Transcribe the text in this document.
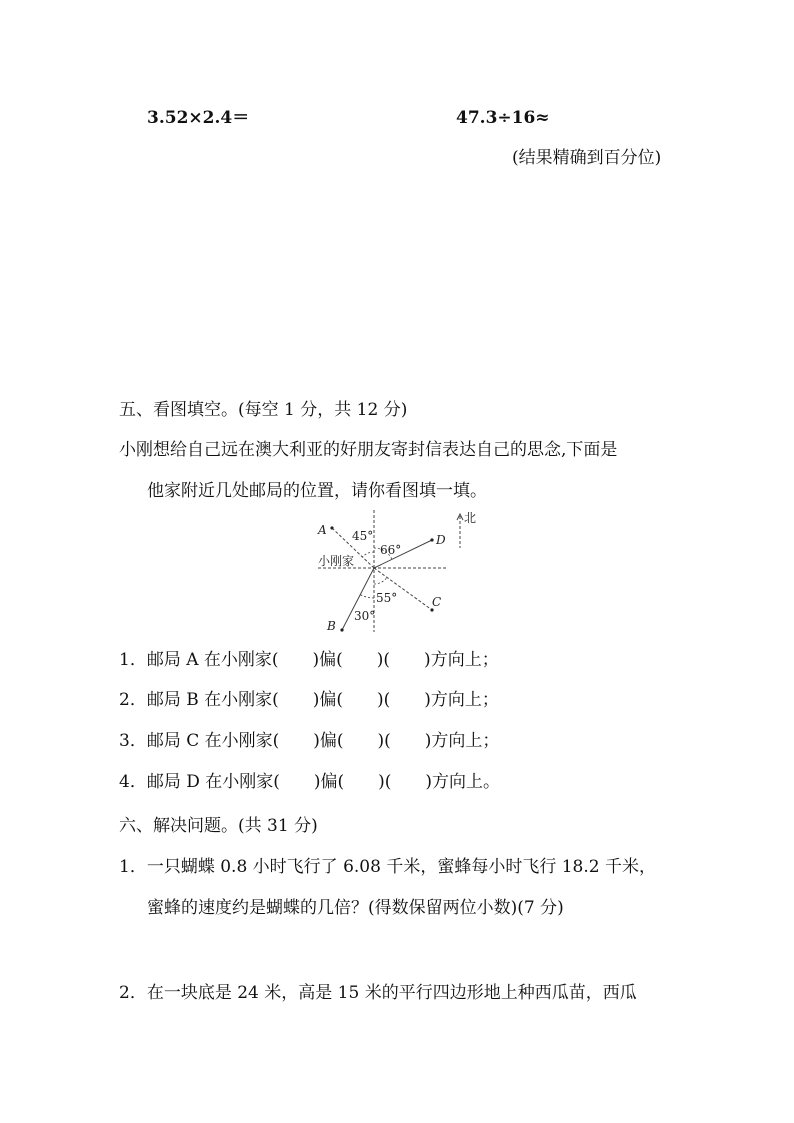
3.52×2.4＝	47.3÷16≈
(结果精确到百分位)
五、看图填空。(每空 1 分，共 12 分)
小刚想给自己远在澳大利亚的好朋友寄封信表达自己的思念,下面是
他家附近几处邮局的位置，请你看图填一填。
北
A
D
C
B
45°
66°
55°
30°
小刚家
1．邮局 A 在小刚家(　　)偏(　　)(　　)方向上；
2．邮局 B 在小刚家(　　)偏(　　)(　　)方向上；
3．邮局 C 在小刚家(　　)偏(　　)(　　)方向上；
4．邮局 D 在小刚家(　　)偏(　　)(　　)方向上。
六、解决问题。(共 31 分)
1．一只蝴蝶 0.8 小时飞行了 6.08 千米，蜜蜂每小时飞行 18.2 千米，
蜜蜂的速度约是蝴蝶的几倍？(得数保留两位小数)(7 分)
2．在一块底是 24 米，高是 15 米的平行四边形地上种西瓜苗，西瓜
